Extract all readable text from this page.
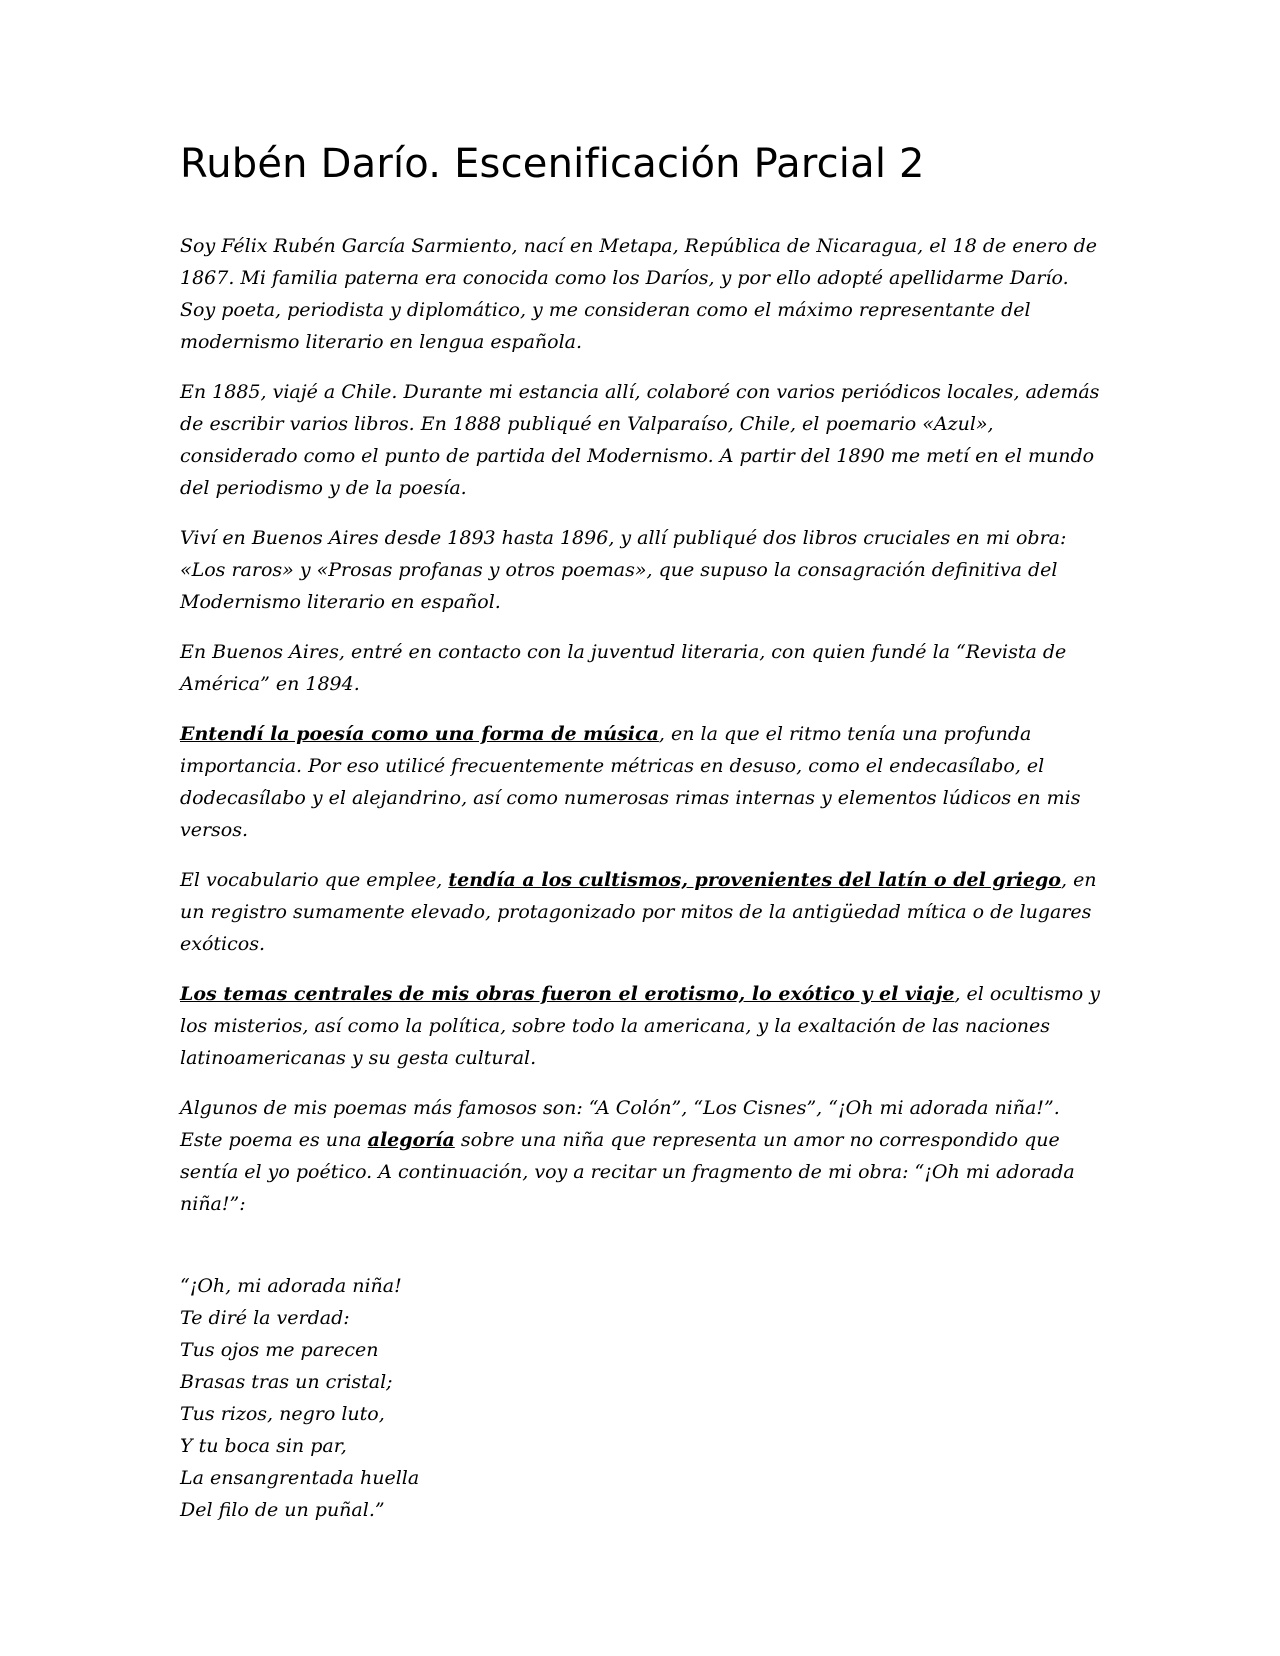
Rubén Darío. Escenificación Parcial 2

Soy Félix Rubén García Sarmiento, nací en Metapa, República de Nicaragua, el 18 de enero de 1867. Mi familia paterna era conocida como los Daríos, y por ello adopté apellidarme Darío. Soy poeta, periodista y diplomático, y me consideran como el máximo representante del modernismo literario en lengua española.

En 1885, viajé a Chile. Durante mi estancia allí, colaboré con varios periódicos locales, además de escribir varios libros. En 1888 publiqué en Valparaíso, Chile, el poemario «Azul», considerado como el punto de partida del Modernismo. A partir del 1890 me metí en el mundo del periodismo y de la poesía.

Viví en Buenos Aires desde 1893 hasta 1896, y allí publiqué dos libros cruciales en mi obra: «Los raros» y «Prosas profanas y otros poemas», que supuso la consagración definitiva del Modernismo literario en español.

En Buenos Aires, entré en contacto con la juventud literaria, con quien fundé la “Revista de América” en 1894.

Entendí la poesía como una forma de música, en la que el ritmo tenía una profunda importancia. Por eso utilicé frecuentemente métricas en desuso, como el endecasílabo, el dodecasílabo y el alejandrino, así como numerosas rimas internas y elementos lúdicos en mis versos.

El vocabulario que emplee, tendía a los cultismos, provenientes del latín o del griego, en un registro sumamente elevado, protagonizado por mitos de la antigüedad mítica o de lugares exóticos.

Los temas centrales de mis obras fueron el erotismo, lo exótico y el viaje, el ocultismo y los misterios, así como la política, sobre todo la americana, y la exaltación de las naciones latinoamericanas y su gesta cultural.

Algunos de mis poemas más famosos son: “A Colón”, “Los Cisnes”, “¡Oh mi adorada niña!”. Este poema es una alegoría sobre una niña que representa un amor no correspondido que sentía el yo poético. A continuación, voy a recitar un fragmento de mi obra: “¡Oh mi adorada niña!”:

“¡Oh, mi adorada niña!
Te diré la verdad:
Tus ojos me parecen
Brasas tras un cristal;
Tus rizos, negro luto,
Y tu boca sin par,
La ensangrentada huella
Del filo de un puñal.”
